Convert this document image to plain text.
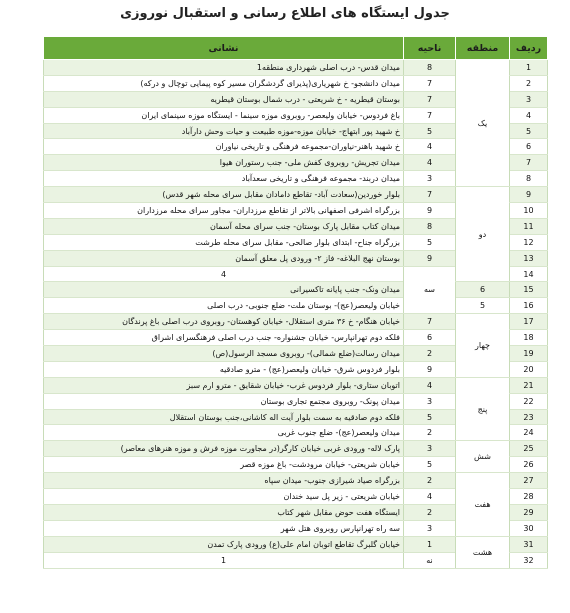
جدول ایستگاه های اطلاع رسانی و استقبال نوروزی
ردیف	منطقه	ناحیه	نشانی	
1	یک	8	میدان قدس- درب اصلی شهرداری منطقه1	
2		7	میدان دانشجو- خ شهریاری(پذیرای گردشگران مسیر کوه پیمایی توچال و درکه)	
3		7	بوستان قیطریه - خ شریعتی - درب شمال بوستان قیطریه	
4		7	باغ فردوس- خیابان ولیعصر- روبروی موزه سینما - ایستگاه موزه سینمای ایران	
5		5	خ شهید پور ابتهاج- خیابان موزه-موزه طبیعت و حیات وحش دارآباد	
6		4	خ شهید باهنر-نیاوران-مجموعه فرهنگی و تاریخی نیاوران	
7		4	میدان تجریش- روبروی کفش ملی- جنب رستوران هیوا	
8		3	میدان دربند- مجموعه فرهنگی و تاریخی سعدآباد	
9	دو	7	بلوار خوردین(سعادت آباد- تقاطع دامادان مقابل سرای محله شهر قدس)	
10		9	بزرگراه اشرفی اصفهانی بالاتر از تقاطع مرزداران- مجاور سرای محله مرزداران	
11		8	میدان کتاب مقابل پارک بوستان- جنب سرای محله آسمان	
12		5	بزرگراه جناح- ابتدای بلوار صالحی- مقابل سرای محله طرشت	
13		9	بوستان نهج البلاغه- فاز ۲- ورودی پل معلق آسمان	
14		سه	4	
15	6		میدان ونک- جنب پایانه تاکسیرانی	
16	5		خیابان ولیعصر(عج)- بوستان ملت- ضلع جنوبی- درب اصلی	
17	چهار	7	خیابان هنگام- خ ۳۶ متری استقلال- خیابان کوهستان- روبروی درب اصلی باغ پرندگان	
18		6	فلکه دوم تهرانپارس- خیابان جشنواره- جنب درب اصلی فرهنگسرای اشراق	
19		2	میدان رسالت(ضلع شمالی)- روبروی مسجد الرسول(ص)	
20		9	بلوار فردوس شرق- خیابان ولیعصر(عج) - مترو صادقیه	
21	پنج	4	اتوبان ستاری- بلوار فردوس غرب- خیابان شقایق - مترو ارم سبز	
22		3	میدان پونک- روبروی مجتمع تجاری بوستان	
23		5	فلکه دوم صادقیه به سمت بلوار آیت اله کاشانی،جنب بوستان استقلال	
24		2	میدان ولیعصر(عج)- ضلع جنوب غربی	
25	شش	3	پارک لاله- ورودی غربی خیابان کارگر(در مجاورت موزه فرش و موزه هنرهای معاصر)	
26		5	خیابان شریعتی- خیابان مرودشت- باغ موزه قصر	
27	هفت	2	بزرگراه صیاد شیرازی جنوب- میدان سپاه	
28		4	خیابان شریعتی - زیر پل سید خندان	
29		2	ایستگاه هفت حوض مقابل شهر کتاب	
30		3	سه راه تهرانپارس روبروی هتل شهر	
31	هشت	1	خیابان گلبرگ تقاطع اتوبان امام علی(ع) ورودی پارک تمدن	
32		نه	1	
